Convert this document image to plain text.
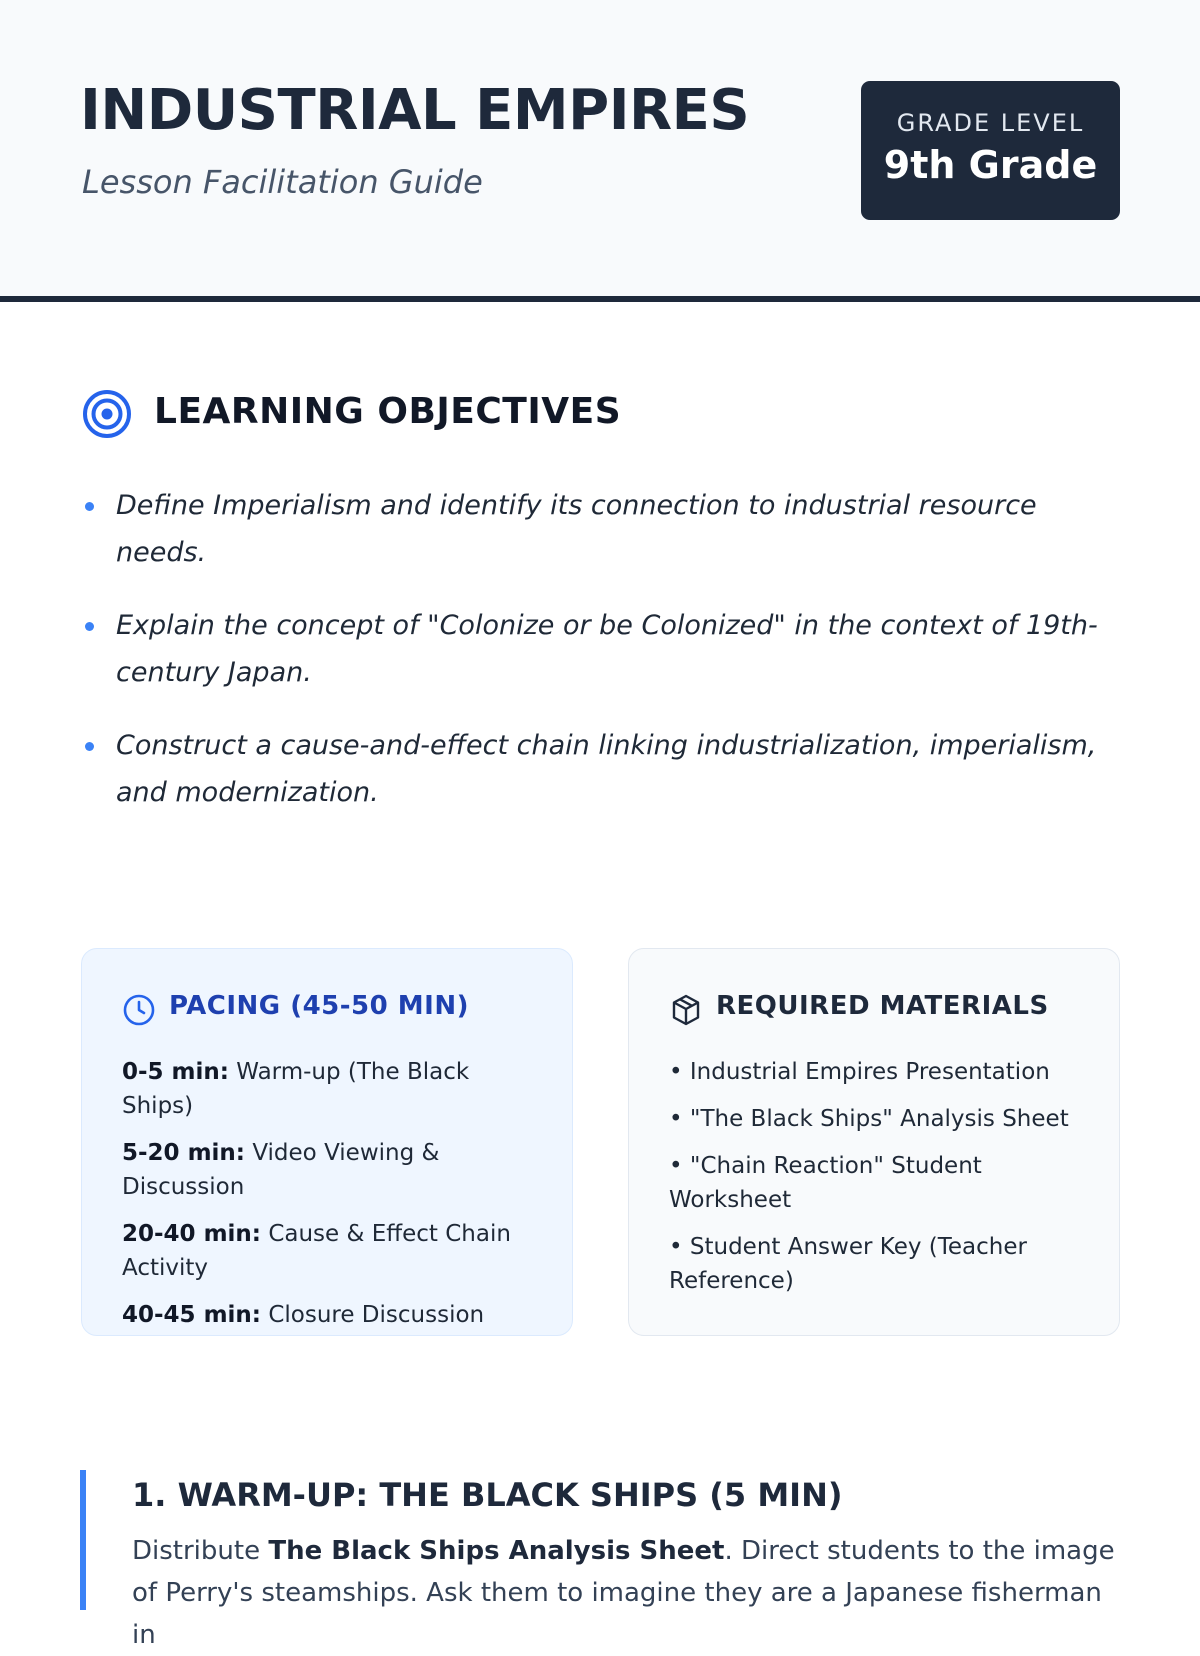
INDUSTRIAL EMPIRES
Lesson Facilitation Guide
GRADE LEVEL
9th Grade
LEARNING OBJECTIVES
Define Imperialism and identify its connection to industrial resource needs.
Explain the concept of "Colonize or be Colonized" in the context of 19th-century Japan.
Construct a cause-and-effect chain linking industrialization, imperialism, and modernization.
PACING (45-50 MIN)
0-5 min: Warm-up (The Black Ships)
5-20 min: Video Viewing & Discussion
20-40 min: Cause & Effect Chain Activity
40-45 min: Closure Discussion
REQUIRED MATERIALS
• Industrial Empires Presentation
• "The Black Ships" Analysis Sheet
• "Chain Reaction" Student Worksheet
• Student Answer Key (Teacher Reference)
1. WARM-UP: THE BLACK SHIPS (5 MIN)

Distribute The Black Ships Analysis Sheet. Direct students to the image of Perry's steamships. Ask them to imagine they are a Japanese fisherman in
